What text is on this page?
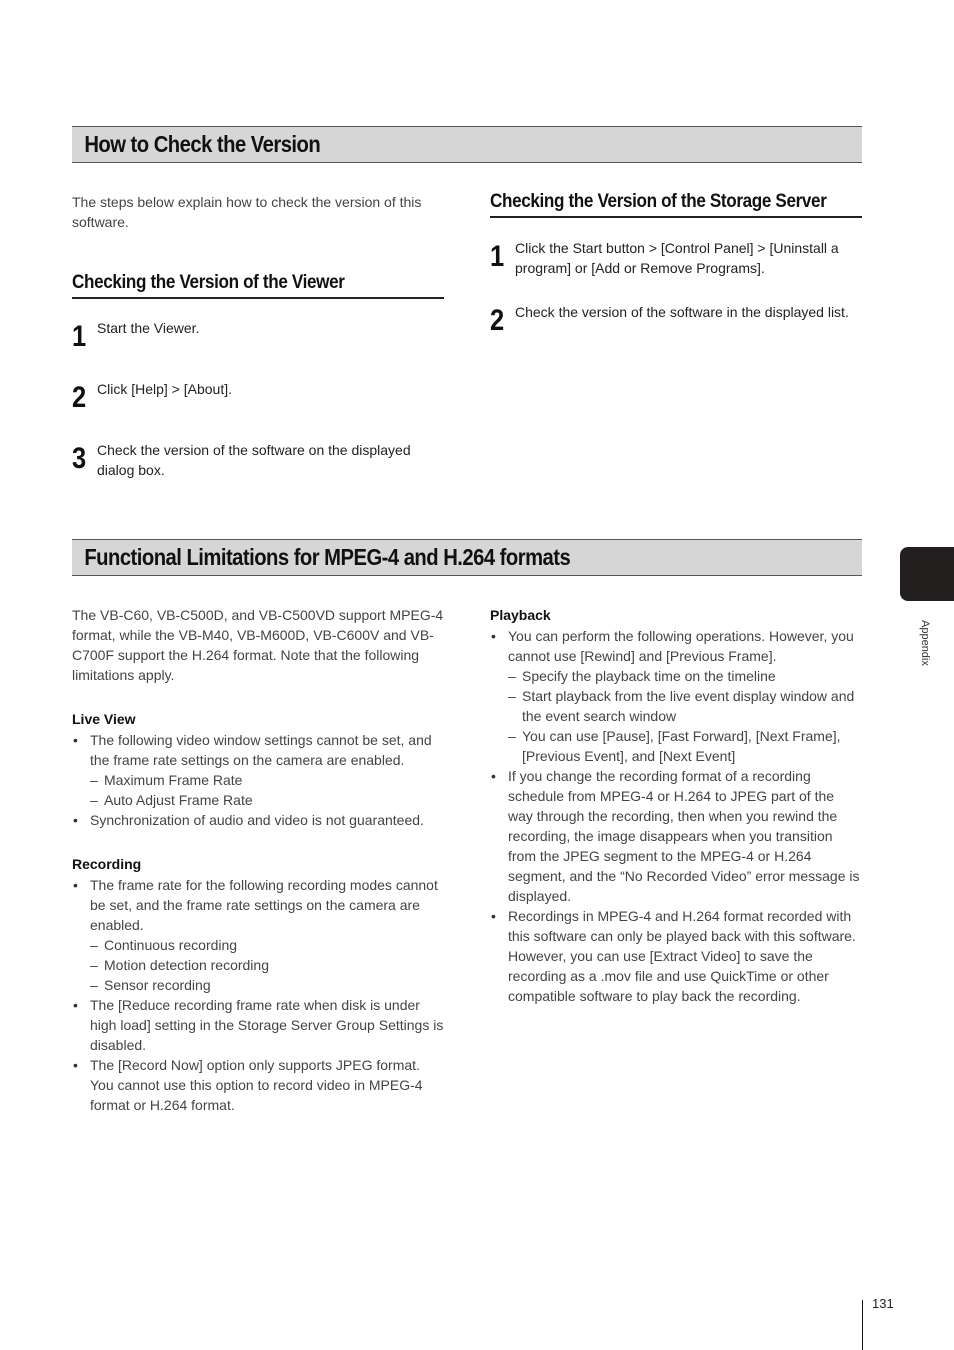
How to Check the Version

The steps below explain how to check the version of this software.

Checking the Version of the Viewer
1 Start the Viewer.

2 Click [Help] > [About].

3 Check the version of the software on the displayed dialog box.

Checking the Version of the Storage Server
1 Click the Start button > [Control Panel] > [Uninstall a program] or [Add or Remove Programs].

2 Check the version of the software in the displayed list.

Functional Limitations for MPEG-4 and H.264 formats

The VB-C60, VB-C500D, and VB-C500VD support MPEG-4 format, while the VB-M40, VB-M600D, VB-C600V and VB-C700F support the H.264 format. Note that the following limitations apply.

Live View

• The following video window settings cannot be set, and the frame rate settings on the camera are enabled.
– Maximum Frame Rate
– Auto Adjust Frame Rate
• Synchronization of audio and video is not guaranteed.

Recording

• The frame rate for the following recording modes cannot be set, and the frame rate settings on the camera are enabled.
– Continuous recording
– Motion detection recording
– Sensor recording
• The [Reduce recording frame rate when disk is under high load] setting in the Storage Server Group Settings is disabled.
• The [Record Now] option only supports JPEG format. You cannot use this option to record video in MPEG-4 format or H.264 format.

Playback

• You can perform the following operations. However, you cannot use [Rewind] and [Previous Frame].
– Specify the playback time on the timeline
– Start playback from the live event display window and the event search window
– You can use [Pause], [Fast Forward], [Next Frame], [Previous Event], and [Next Event]
• If you change the recording format of a recording schedule from MPEG-4 or H.264 to JPEG part of the way through the recording, then when you rewind the recording, the image disappears when you transition from the JPEG segment to the MPEG-4 or H.264 segment, and the “No Recorded Video” error message is displayed.
• Recordings in MPEG-4 and H.264 format recorded with this software can only be played back with this software. However, you can use [Extract Video] to save the recording as a .mov file and use QuickTime or other compatible software to play back the recording.
Appendix
131
